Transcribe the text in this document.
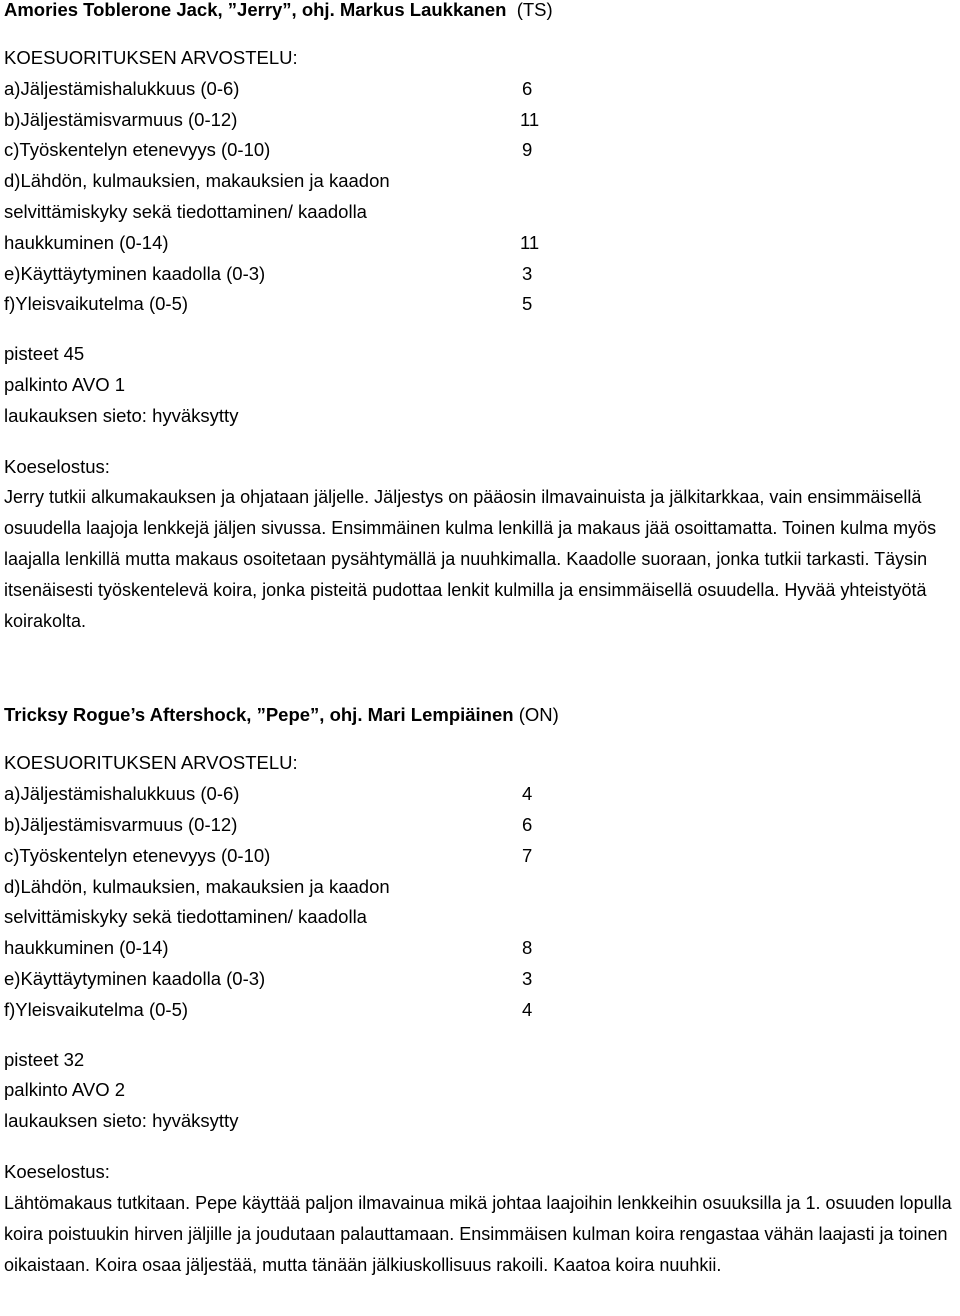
Amories Toblerone Jack, ”Jerry”, ohj. Markus Laukkanen (TS)
KOESUORITUKSEN ARVOSTELU:
a)Jäljestämishalukkuus (0-6)	6
b)Jäljestämisvarmuus (0-12)	11
c)Työskentelyn etenevyys (0-10)	9
d)Lähdön, kulmauksien, makauksien ja kaadon
selvittämiskyky sekä tiedottaminen/ kaadolla
haukkuminen (0-14)	11
e)Käyttäytyminen kaadolla (0-3)	3
f)Yleisvaikutelma (0-5)	5
pisteet 45
palkinto AVO 1
laukauksen sieto: hyväksytty
Koeselostus:
Jerry tutkii alkumakauksen ja ohjataan jäljelle. Jäljestys on pääosin ilmavainuista ja jälkitarkkaa, vain ensimmäisellä osuudella laajoja lenkkejä jäljen sivussa. Ensimmäinen kulma lenkillä ja makaus jää osoittamatta. Toinen kulma myös laajalla lenkillä mutta makaus osoitetaan pysähtymällä ja nuuhkimalla. Kaadolle suoraan, jonka tutkii tarkasti. Täysin itsenäisesti työskentelevä koira, jonka pisteitä pudottaa lenkit kulmilla ja ensimmäisellä osuudella. Hyvää yhteistyötä koirakolta.
Tricksy Rogue’s Aftershock, ”Pepe”, ohj. Mari Lempiäinen (ON)
KOESUORITUKSEN ARVOSTELU:
a)Jäljestämishalukkuus (0-6)	4
b)Jäljestämisvarmuus (0-12)	6
c)Työskentelyn etenevyys (0-10)	7
d)Lähdön, kulmauksien, makauksien ja kaadon
selvittämiskyky sekä tiedottaminen/ kaadolla
haukkuminen (0-14)	8
e)Käyttäytyminen kaadolla (0-3)	3
f)Yleisvaikutelma (0-5)	4
pisteet 32
palkinto AVO 2
laukauksen sieto: hyväksytty
Koeselostus:
Lähtömakaus tutkitaan. Pepe käyttää paljon ilmavainua mikä johtaa laajoihin lenkkeihin osuuksilla ja 1. osuuden lopulla koira poistuukin hirven jäljille ja joudutaan palauttamaan. Ensimmäisen kulman koira rengastaa vähän laajasti ja toinen oikaistaan. Koira osaa jäljestää, mutta tänään jälkiuskollisuus rakoili. Kaatoa koira nuuhkii.
